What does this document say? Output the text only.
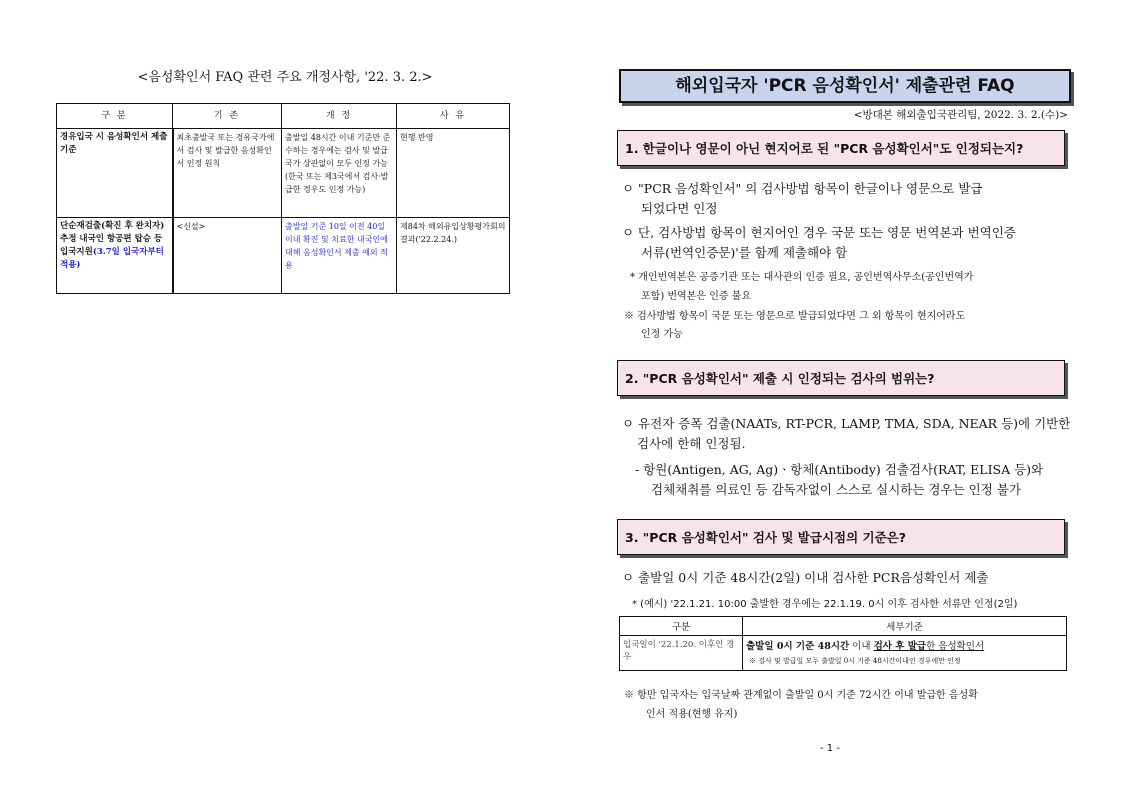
<음성확인서 FAQ 관련 주요 개정사항, '22. 3. 2.>
구 분	기 존	개 정	사 유
경유입국 시 음성확인서 제출 기준	최초출발국 또는 경유국가에서 검사 및 발급한 음성확인서 인정 원칙	출발일 48시간 이내 기준만 준수하는 경우에는 검사 및 발급국가 상관없이 모두 인정 가능(한국 또는 제3국에서 검사·발급한 경우도 인정 가능)	현행 반영
단순재검출(확진 후 완치자) 추정 내국인 항공편 탑승 등 입국지원(3.7일 입국자부터 적용)	<신설>	출발일 기준 10일 이전 40일 이내 확진 및 치료한 내국인에 대해 음성확인서 제출 예외 적용	제84차 해외유입상황평가회의 결과('22.2.24.)
해외입국자 'PCR 음성확인서' 제출관련 FAQ
<방대본 해외출입국관리팀, 2022. 3. 2.(수)>
1. 한글이나 영문이 아닌 현지어로 된 "PCR 음성확인서"도 인정되는지?
ㅇ "PCR 음성확인서" 의 검사방법 항목이 한글이나 영문으로 발급
되었다면 인정
ㅇ 단, 검사방법 항목이 현지어인 경우 국문 또는 영문 번역본과 번역인증
서류(번역인증문)'를 함께 제출해야 함
* 개인번역본은 공증기관 또는 대사관의 인증 필요, 공인번역사무소(공인번역가
포함) 번역본은 인증 불요
※ 검사방법 항목이 국문 또는 영문으로 발급되었다면 그 외 항목이 현지어라도
인정 가능
2. "PCR 음성확인서" 제출 시 인정되는 검사의 범위는?
ㅇ 유전자 증폭 검출(NAATs, RT-PCR, LAMP, TMA, SDA, NEAR 등)에 기반한
검사에 한해 인정됨.
- 항원(Antigen, AG, Ag)ㆍ항체(Antibody) 검출검사(RAT, ELISA 등)와
검체채취를 의료인 등 감독자없이 스스로 실시하는 경우는 인정 불가
3. "PCR 음성확인서" 검사 및 발급시점의 기준은?
ㅇ 출발일 0시 기준 48시간(2일) 이내 검사한 PCR음성확인서 제출
* (예시) '22.1.21. 10:00 출발한 경우에는 22.1.19. 0시 이후 검사한 서류만 인정(2일)
구분	세부기준
입국일이 '22.1.20. 이후인 경우	출발일 0시 기준 48시간 이내 검사 후 발급한 음성확인서
※ 검사 및 발급일 모두 출발일 0시 기준 48시간이내인 경우에만 인정
※ 항만 입국자는 입국날짜 관계없이 출발일 0시 기준 72시간 이내 발급한 음성확
인서 적용(현행 유지)
- 1 -
